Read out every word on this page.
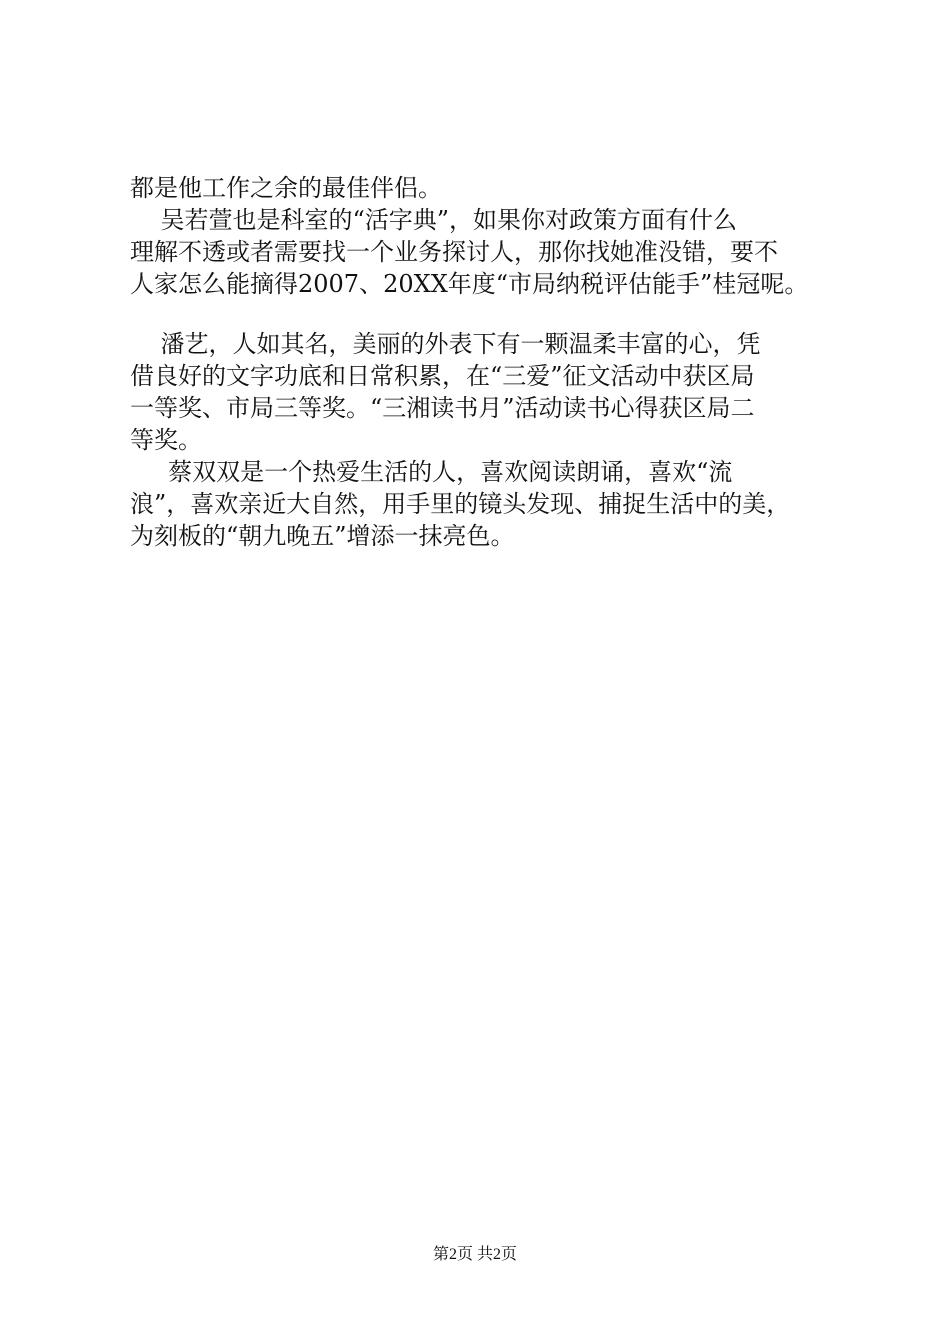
都是他工作之余的最佳伴侣。
吴若萱也是科室的“活字典”，如果你对政策方面有什么
理解不透或者需要找一个业务探讨人，那你找她准没错，要不
人家怎么能摘得2007、20XX年度“市局纳税评估能手”桂冠呢。
潘艺，人如其名，美丽的外表下有一颗温柔丰富的心，凭
借良好的文字功底和日常积累，在“三爱”征文活动中获区局
一等奖、市局三等奖。“三湘读书月”活动读书心得获区局二
等奖。
蔡双双是一个热爱生活的人，喜欢阅读朗诵，喜欢“流
浪”，喜欢亲近大自然，用手里的镜头发现、捕捉生活中的美，
为刻板的“朝九晚五”增添一抹亮色。
第2页 共2页
